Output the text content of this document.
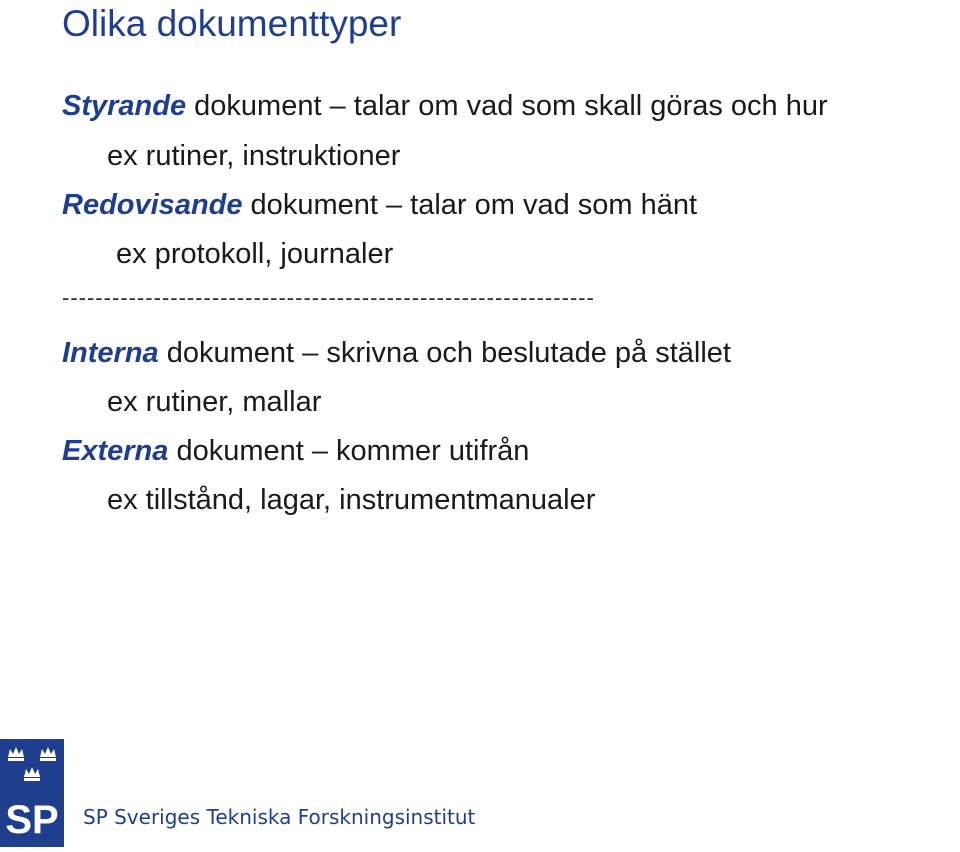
Olika dokumenttyper
Styrande dokument – talar om vad som skall göras och hur
ex rutiner, instruktioner
Redovisande dokument – talar om vad som hänt
ex protokoll, journaler
----------------------------------------------------------------
Interna dokument – skrivna och beslutade på stället
ex rutiner, mallar
Externa dokument – kommer utifrån
ex tillstånd, lagar, instrumentmanualer
SP SP Sveriges Tekniska Forskningsinstitut
